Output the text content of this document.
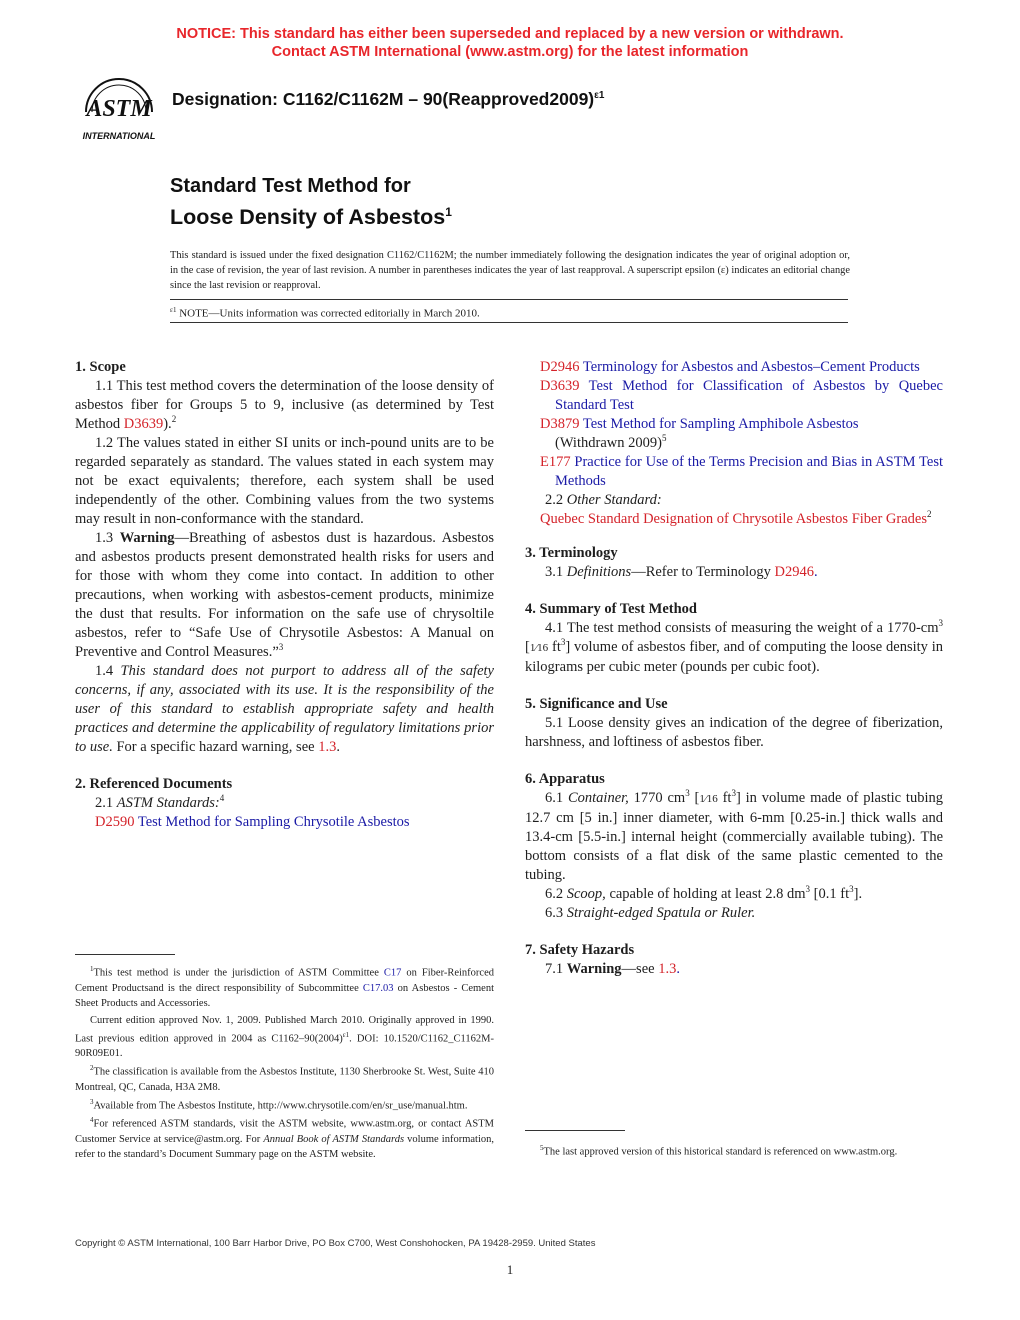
NOTICE: This standard has either been superseded and replaced by a new version or withdrawn.
Contact ASTM International (www.astm.org) for the latest information
ASTM
INTERNATIONAL
Designation: C1162/C1162M – 90(Reapproved2009)$^{\varepsilon 1}$
Standard Test Method for
Loose Density of Asbestos$^1$
This standard is issued under the fixed designation C1162/C1162M; the number immediately following the designation indicates the year of original adoption or, in the case of revision, the year of last revision. A number in parentheses indicates the year of last reapproval. A superscript epsilon (ε) indicates an editorial change since the last revision or reapproval.
$^{\varepsilon 1}$ NOTE—Units information was corrected editorially in March 2010.
1. Scope

1.1 This test method covers the determination of the loose density of asbestos fiber for Groups 5 to 9, inclusive (as determined by Test Method D3639).$^2$

1.2 The values stated in either SI units or inch-pound units are to be regarded separately as standard. The values stated in each system may not be exact equivalents; therefore, each system shall be used independently of the other. Combining values from the two systems may result in non-conformance with the standard.

1.3 Warning—Breathing of asbestos dust is hazardous. Asbestos and asbestos products present demonstrated health risks for users and for those with whom they come into contact. In addition to other precautions, when working with asbestos-cement products, minimize the dust that results. For information on the safe use of chrysoltile asbestos, refer to “Safe Use of Chrysotile Asbestos: A Manual on Preventive and Control Measures.”$^3$

1.4 This standard does not purport to address all of the safety concerns, if any, associated with its use. It is the responsibility of the user of this standard to establish appropriate safety and health practices and determine the applicability of regulatory limitations prior to use. For a specific hazard warning, see 1.3.

2. Referenced Documents

2.1 ASTM Standards:$^4$

D2590 Test Method for Sampling Chrysotile Asbestos

$^1$This test method is under the jurisdiction of ASTM Committee C17 on Fiber-Reinforced Cement Productsand is the direct responsibility of Subcommittee C17.03 on Asbestos - Cement Sheet Products and Accessories.

Current edition approved Nov. 1, 2009. Published March 2010. Originally approved in 1990. Last previous edition approved in 2004 as $C1162-90(2004)^{\varepsilon 1}$. DOI: 10.1520/C1162_C1162M-90R09E01.

$^2$The classification is available from the Asbestos Institute, 1130 Sherbrooke St. West, Suite 410 Montreal, QC, Canada, H3A 2M8.

$^3$Available from The Asbestos Institute, http://www.chrysotile.com/en/sr_use/manual.htm.

$^4$For referenced ASTM standards, visit the ASTM website, www.astm.org, or contact ASTM Customer Service at service@astm.org. For Annual Book of ASTM Standards volume information, refer to the standard’s Document Summary page on the ASTM website.

D2946 Terminology for Asbestos and Asbestos–Cement Products

D3639 Test Method for Classification of Asbestos by Quebec Standard Test

D3879 Test Method for Sampling Amphibole Asbestos
(Withdrawn 2009)$^5$

E177 Practice for Use of the Terms Precision and Bias in ASTM Test Methods

2.2 Other Standard:

Quebec Standard Designation of Chrysotile Asbestos Fiber Grades$^2$

3. Terminology

3.1 Definitions—Refer to Terminology D2946.

4. Summary of Test Method

4.1 The test method consists of measuring the weight of a $1770-cm^3$ [1⁄16 $ft^3$] volume of asbestos fiber, and of computing the loose density in kilograms per cubic meter (pounds per cubic foot).

5. Significance and Use

5.1 Loose density gives an indication of the degree of fiberization, harshness, and loftiness of asbestos fiber.

6. Apparatus

6.1 Container, 1770 $cm^3$ [1⁄16 $ft^3$] in volume made of plastic tubing 12.7 cm [5 in.] inner diameter, with 6-mm [0.25-in.] thick walls and 13.4-cm [5.5-in.] internal height (commercially available tubing). The bottom consists of a flat disk of the same plastic cemented to the tubing.

6.2 Scoop, capable of holding at least 2.8 $dm^3$ [0.1 $ft^3$].

6.3 Straight-edged Spatula or Ruler.

7. Safety Hazards

7.1 Warning—see 1.3.

$^5$The last approved version of this historical standard is referenced on www.astm.org.

Copyright © ASTM International, 100 Barr Harbor Drive, PO Box C700, West Conshohocken, PA 19428-2959. United States
1
